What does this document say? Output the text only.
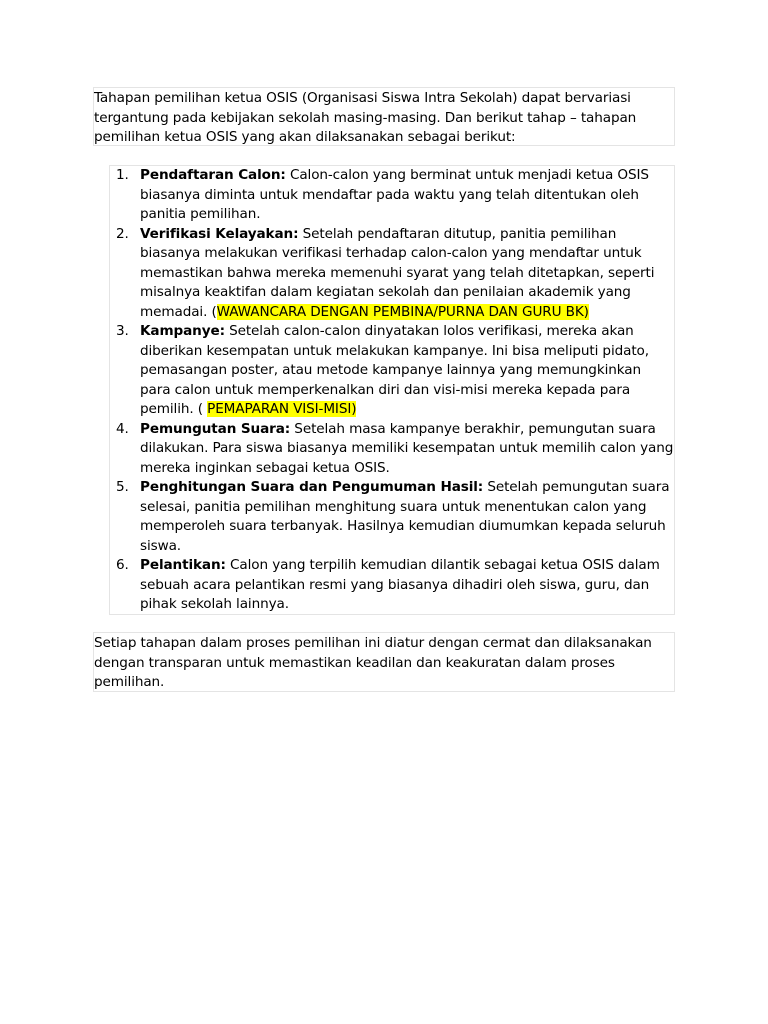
Tahapan pemilihan ketua OSIS (Organisasi Siswa Intra Sekolah) dapat bervariasi tergantung pada kebijakan sekolah masing-masing. Dan berikut tahap – tahapan pemilihan ketua OSIS yang akan dilaksanakan sebagai berikut:

1. Pendaftaran Calon: Calon-calon yang berminat untuk menjadi ketua OSIS biasanya diminta untuk mendaftar pada waktu yang telah ditentukan oleh panitia pemilihan.
2. Verifikasi Kelayakan: Setelah pendaftaran ditutup, panitia pemilihan biasanya melakukan verifikasi terhadap calon-calon yang mendaftar untuk memastikan bahwa mereka memenuhi syarat yang telah ditetapkan, seperti misalnya keaktifan dalam kegiatan sekolah dan penilaian akademik yang memadai. (WAWANCARA DENGAN PEMBINA/PURNA DAN GURU BK)
3. Kampanye: Setelah calon-calon dinyatakan lolos verifikasi, mereka akan diberikan kesempatan untuk melakukan kampanye. Ini bisa meliputi pidato, pemasangan poster, atau metode kampanye lainnya yang memungkinkan para calon untuk memperkenalkan diri dan visi-misi mereka kepada para pemilih. ( PEMAPARAN VISI-MISI)
4. Pemungutan Suara: Setelah masa kampanye berakhir, pemungutan suara dilakukan. Para siswa biasanya memiliki kesempatan untuk memilih calon yang mereka inginkan sebagai ketua OSIS.
5. Penghitungan Suara dan Pengumuman Hasil: Setelah pemungutan suara selesai, panitia pemilihan menghitung suara untuk menentukan calon yang memperoleh suara terbanyak. Hasilnya kemudian diumumkan kepada seluruh siswa.
6. Pelantikan: Calon yang terpilih kemudian dilantik sebagai ketua OSIS dalam sebuah acara pelantikan resmi yang biasanya dihadiri oleh siswa, guru, dan pihak sekolah lainnya.

Setiap tahapan dalam proses pemilihan ini diatur dengan cermat dan dilaksanakan dengan transparan untuk memastikan keadilan dan keakuratan dalam proses pemilihan.
